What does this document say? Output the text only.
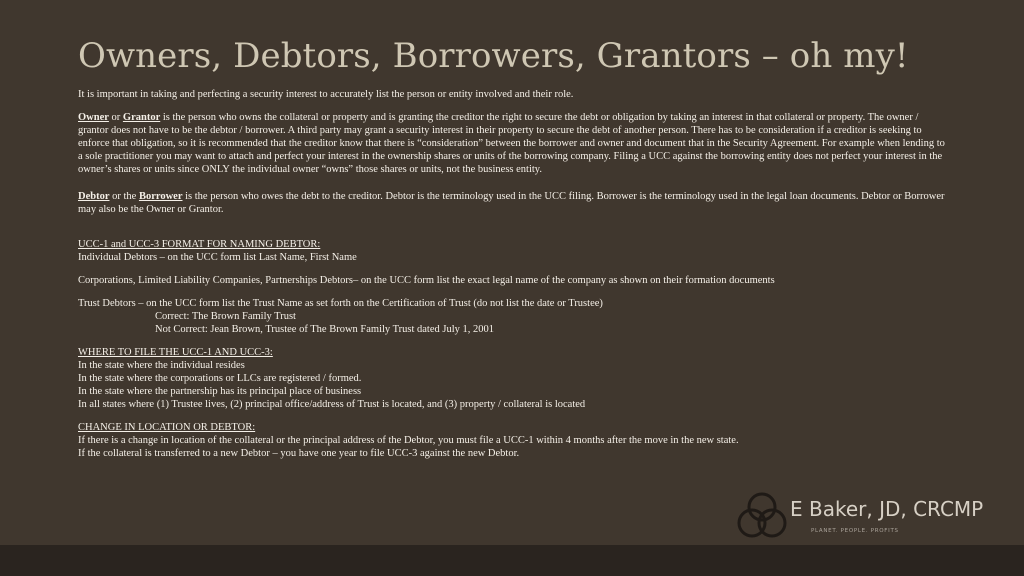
Owners, Debtors, Borrowers, Grantors – oh my!

It is important in taking and perfecting a security interest to accurately list the person or entity involved and their role.

Owner or Grantor is the person who owns the collateral or property and is granting the creditor the right to secure the debt or obligation by taking an interest in that collateral or property. The owner / grantor does not have to be the debtor / borrower. A third party may grant a security interest in their property to secure the debt of another person. There has to be consideration if a creditor is seeking to enforce that obligation, so it is recommended that the creditor know that there is “consideration” between the borrower and owner and document that in the Security Agreement. For example when lending to a sole practitioner you may want to attach and perfect your interest in the ownership shares or units of the borrowing company. Filing a UCC against the borrowing entity does not perfect your interest in the owner’s shares or units since ONLY the individual owner “owns” those shares or units, not the business entity.

Debtor or the Borrower is the person who owes the debt to the creditor. Debtor is the terminology used in the UCC filing. Borrower is the terminology used in the legal loan documents. Debtor or Borrower may also be the Owner or Grantor.

UCC-1 and UCC-3 FORMAT FOR NAMING DEBTOR:

Individual Debtors – on the UCC form list Last Name, First Name

Corporations, Limited Liability Companies, Partnerships Debtors– on the UCC form list the exact legal name of the company as shown on their formation documents

Trust Debtors – on the UCC form list the Trust Name as set forth on the Certification of Trust (do not list the date or Trustee)

Correct: The Brown Family Trust

Not Correct: Jean Brown, Trustee of The Brown Family Trust dated July 1, 2001

WHERE TO FILE THE UCC-1 AND UCC-3:

In the state where the individual resides

In the state where the corporations or LLCs are registered / formed.

In the state where the partnership has its principal place of business

In all states where (1) Trustee lives, (2) principal office/address of Trust is located, and (3) property / collateral is located

CHANGE IN LOCATION OR DEBTOR:

If there is a change in location of the collateral or the principal address of the Debtor, you must file a UCC-1 within 4 months after the move in the new state.

If the collateral is transferred to a new Debtor – you have one year to file UCC-3 against the new Debtor.

E Baker, JD, CRCMP
PLANET. PEOPLE. PROFITS
